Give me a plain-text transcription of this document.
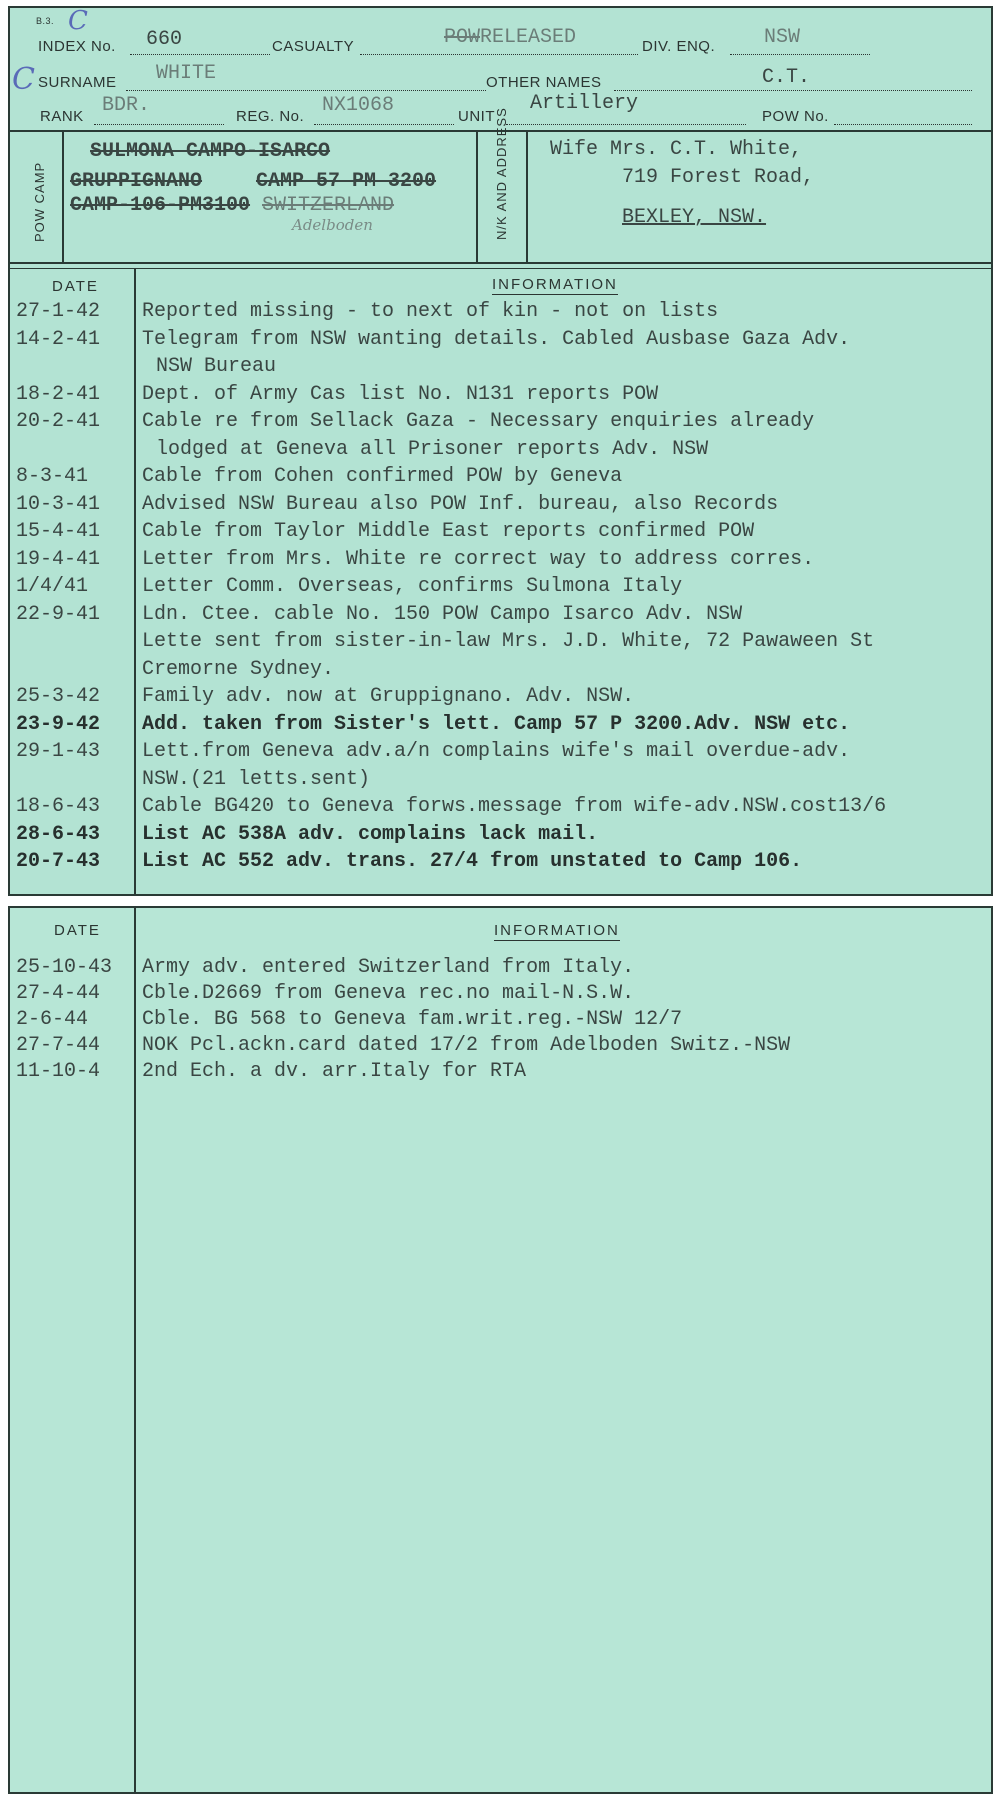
B.3. C
INDEX No. 660	CASUALTY	POW RELEASED	DIV. ENQ. NSW
C SURNAME WHITE	OTHER NAMES	C.T.
RANK BDR.	REG. No. NX1068	UNIT
Artillery
POW No.
POW CAMP
SULMONA CAMPO-ISARCO
GRUPPIGNANO	CAMP 57 PM 3200
CAMP-106-PM3100 SWITZERLAND
Adelboden	N/K AND ADDRESS Wife Mrs. C.T. White,
719 Forest Road,
BEXLEY, NSW.
DATE	INFORMATION
27-1-42	Reported missing - to next of kin - not on lists
14-2-41	Telegram from NSW wanting details. Cabled Ausbase Gaza Adv.
NSW Bureau
18-2-41	Dept. of Army Cas list No. N131 reports POW
20-2-41	Cable re from Sellack Gaza - Necessary enquiries already
lodged at Geneva all Prisoner reports Adv. NSW
8-3-41	Cable from Cohen confirmed POW by Geneva
10-3-41	Advised NSW Bureau also POW Inf. bureau, also Records
15-4-41	Cable from Taylor Middle East reports confirmed POW
19-4-41	Letter from Mrs. White re correct way to address corres.
1/4/41	Letter Comm. Overseas, confirms Sulmona Italy
22-9-41	Ldn. Ctee. cable No. 150 POW Campo Isarco Adv. NSW
Lette sent from sister-in-law Mrs. J.D. White, 72 Pawaween St
Cremorne Sydney.
25-3-42	Family adv. now at Gruppignano. Adv. NSW.
23-9-42	Add. taken from Sister's lett. Camp 57 P 3200.Adv. NSW etc.
29-1-43	Lett.from Geneva adv.a/n complains wife's mail overdue-adv.
NSW.(21 letts.sent)
18-6-43	Cable BG420 to Geneva forws.message from wife-adv.NSW.cost13/6
28-6-43	List AC 538A adv. complains lack mail.
20-7-43	List AC 552 adv. trans. 27/4 from unstated to Camp 106.
DATE	INFORMATION
25-10-43	Army adv. entered Switzerland from Italy.
27-4-44	Cble.D2669 from Geneva rec.no mail-N.S.W.
2-6-44	Cble. BG 568 to Geneva fam.writ.reg.-NSW 12/7
27-7-44	NOK Pcl.ackn.card dated 17/2 from Adelboden Switz.-NSW
11-10-4	2nd Ech. a dv. arr.Italy for RTA
